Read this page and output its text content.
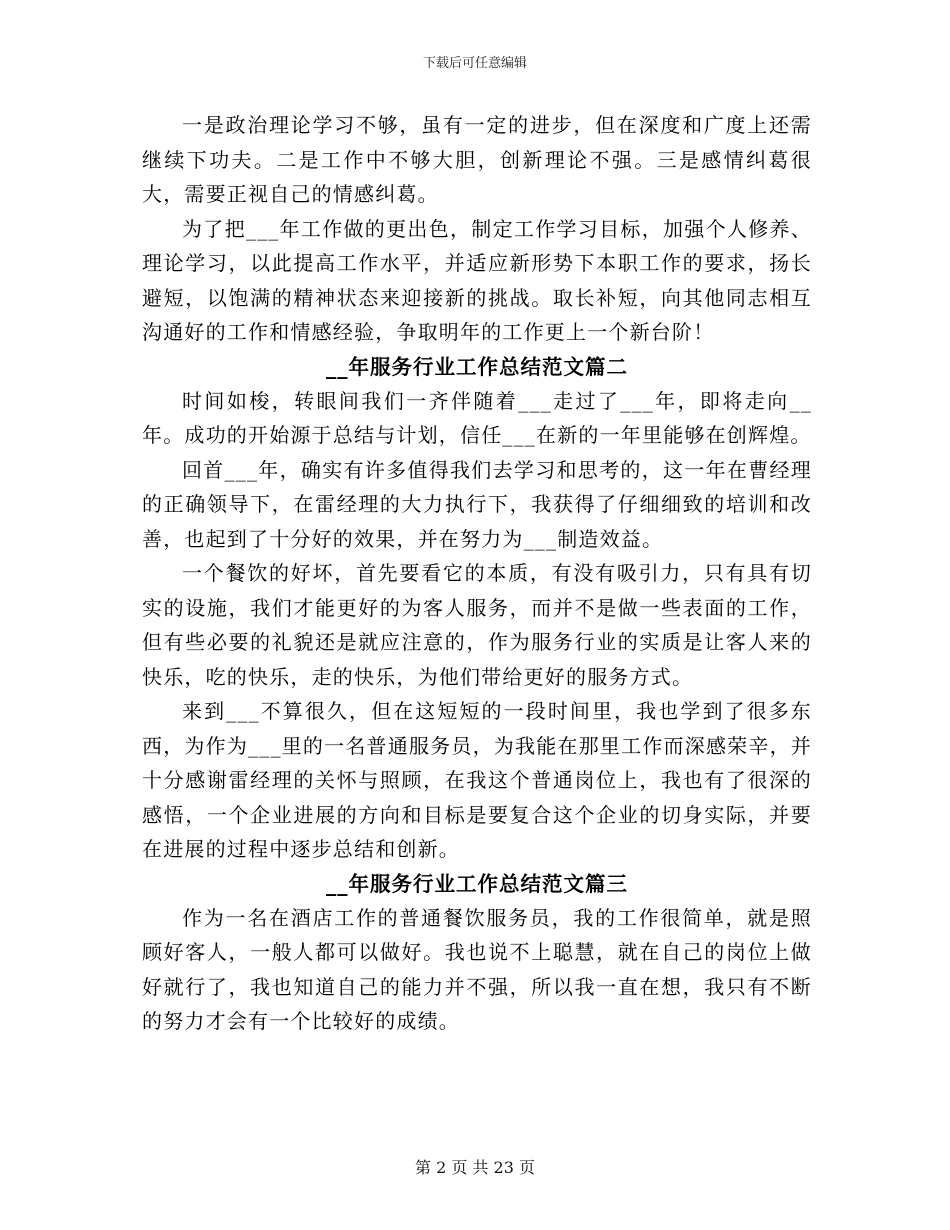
下载后可任意编辑

一是政治理论学习不够，虽有一定的进步，但在深度和广度上还需继续下功夫。二是工作中不够大胆，创新理论不强。三是感情纠葛很大，需要正视自己的情感纠葛。

为了把___年工作做的更出色，制定工作学习目标，加强个人修养、理论学习，以此提高工作水平，并适应新形势下本职工作的要求，扬长避短，以饱满的精神状态来迎接新的挑战。取长补短，向其他同志相互沟通好的工作和情感经验，争取明年的工作更上一个新台阶！

__年服务行业工作总结范文篇二

时间如梭，转眼间我们一齐伴随着___走过了___年，即将走向__年。成功的开始源于总结与计划，信任___在新的一年里能够在创辉煌。

回首___年，确实有许多值得我们去学习和思考的，这一年在曹经理的正确领导下，在雷经理的大力执行下，我获得了仔细细致的培训和改善，也起到了十分好的效果，并在努力为___制造效益。

一个餐饮的好坏，首先要看它的本质，有没有吸引力，只有具有切实的设施，我们才能更好的为客人服务，而并不是做一些表面的工作，但有些必要的礼貌还是就应注意的，作为服务行业的实质是让客人来的快乐，吃的快乐，走的快乐，为他们带给更好的服务方式。

来到___不算很久，但在这短短的一段时间里，我也学到了很多东西，为作为___里的一名普通服务员，为我能在那里工作而深感荣辛，并十分感谢雷经理的关怀与照顾，在我这个普通岗位上，我也有了很深的感悟，一个企业进展的方向和目标是要复合这个企业的切身实际，并要在进展的过程中逐步总结和创新。

__年服务行业工作总结范文篇三

作为一名在酒店工作的普通餐饮服务员，我的工作很简单，就是照顾好客人，一般人都可以做好。我也说不上聪慧，就在自己的岗位上做好就行了，我也知道自己的能力并不强，所以我一直在想，我只有不断的努力才会有一个比较好的成绩。

第 2 页 共 23 页
